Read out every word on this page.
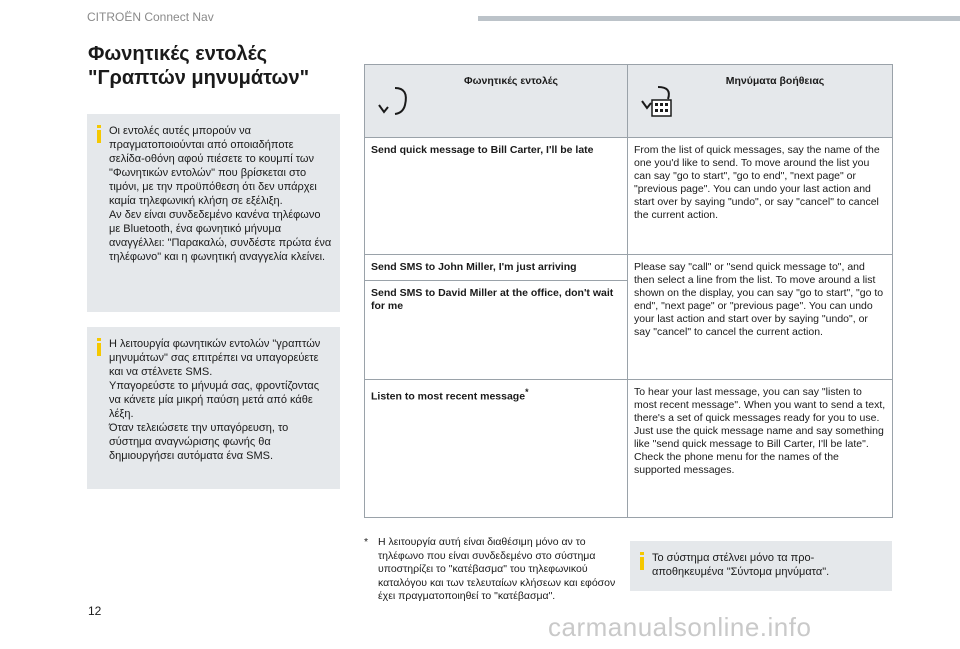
CITROËN Connect Nav
Φωνητικές εντολές "Γραπτών μηνυμάτων"

Οι εντολές αυτές μπορούν να πραγματοποιούνται από οποιαδήποτε σελίδα-οθόνη αφού πιέσετε το κουμπί των "Φωνητικών εντολών" που βρίσκεται στο τιμόνι, με την προϋπόθεση ότι δεν υπάρχει καμία τηλεφωνική κλήση σε εξέλιξη.
Αν δεν είναι συνδεδεμένο κανένα τηλέφωνο με Bluetooth, ένα φωνητικό μήνυμα αναγγέλλει: "Παρακαλώ, συνδέστε πρώτα ένα τηλέφωνο" και η φωνητική αναγγελία κλείνει.

Η λειτουργία φωνητικών εντολών "γραπτών μηνυμάτων" σας επιτρέπει να υπαγορεύετε και να στέλνετε SMS.
Υπαγορεύστε το μήνυμά σας, φροντίζοντας να κάνετε μία μικρή παύση μετά από κάθε λέξη.
Όταν τελειώσετε την υπαγόρευση, το σύστημα αναγνώρισης φωνής θα δημιουργήσει αυτόματα ένα SMS.

Φωνητικές εντολές	Μηνύματα βοήθειας

Send quick message to Bill Carter, I'll be late	From the list of quick messages, say the name of the one you'd like to send. To move around the list you can say "go to start", "go to end", "next page" or "previous page". You can undo your last action and start over by saying "undo", or say "cancel" to cancel the current action.
Send SMS to John Miller, I'm just arriving	Please say "call" or "send quick message to", and then select a line from the list. To move around a list shown on the display, you can say "go to start", "go to end", "next page" or "previous page". You can undo your last action and start over by saying "undo", or say "cancel" to cancel the current action.
Send SMS to David Miller at the office, don't wait for me	
Listen to most recent message*	To hear your last message, you can say "listen to most recent message". When you want to send a text, there's a set of quick messages ready for you to use. Just use the quick message name and say something like "send quick message to Bill Carter, I'll be late". Check the phone menu for the names of the supported messages.
* Η λειτουργία αυτή είναι διαθέσιμη μόνο αν το τηλέφωνο που είναι συνδεδεμένο στο σύστημα υποστηρίζει το "κατέβασμα" του τηλεφωνικού καταλόγου και των τελευταίων κλήσεων και εφόσον έχει πραγματοποιηθεί το "κατέβασμα".

Το σύστημα στέλνει μόνο τα προ-αποθηκευμένα "Σύντομα μηνύματα".

12
carmanualsonline.info
